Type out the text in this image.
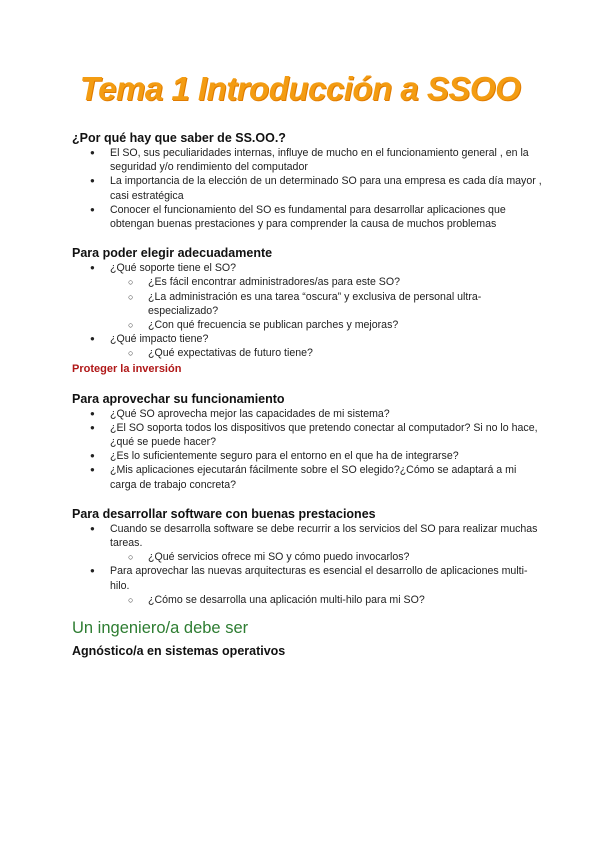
Tema 1 Introducción a SSOO

¿Por qué hay que saber de SS.OO.?

● El SO, sus peculiaridades internas, influye de mucho en el funcionamiento general , en la seguridad y/o rendimiento del computador
● La importancia de la elección de un determinado SO para una empresa es cada día mayor , casi estratégica
● Conocer el funcionamiento del SO es fundamental para desarrollar aplicaciones que obtengan buenas prestaciones y para comprender la causa de muchos problemas

Para poder elegir adecuadamente

● ¿Qué soporte tiene el SO?
○ ¿Es fácil encontrar administradores/as para este SO?
○ ¿La administración es una tarea “oscura” y exclusiva de personal ultra-especializado?
○ ¿Con qué frecuencia se publican parches y mejoras?
● ¿Qué impacto tiene?
○ ¿Qué expectativas de futuro tiene?
Proteger la inversión

Para aprovechar su funcionamiento

● ¿Qué SO aprovecha mejor las capacidades de mi sistema?
● ¿El SO soporta todos los dispositivos que pretendo conectar al computador? Si no lo hace, ¿qué se puede hacer?
● ¿Es lo suficientemente seguro para el entorno en el que ha de integrarse?
● ¿Mis aplicaciones ejecutarán fácilmente sobre el SO elegido?¿Cómo se adaptará a mi carga de trabajo concreta?

Para desarrollar software con buenas prestaciones

● Cuando se desarrolla software se debe recurrir a los servicios del SO para realizar muchas tareas.
○ ¿Qué servicios ofrece mi SO y cómo puedo invocarlos?
● Para aprovechar las nuevas arquitecturas es esencial el desarrollo de aplicaciones multi-hilo.
○ ¿Cómo se desarrolla una aplicación multi-hilo para mi SO?
Un ingeniero/a debe ser

Agnóstico/a en sistemas operativos
